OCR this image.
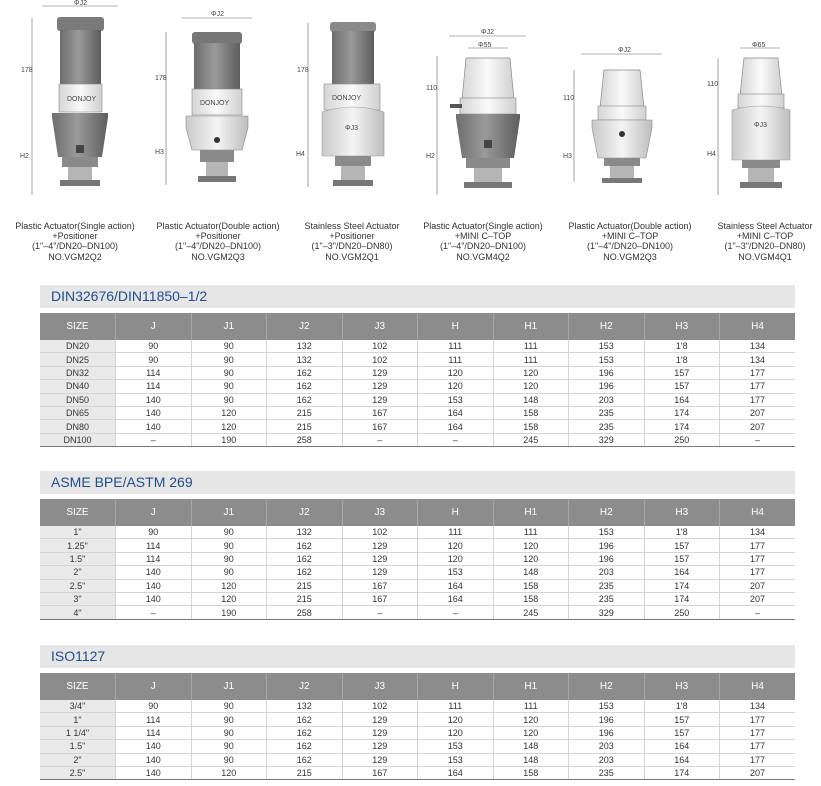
ΦJ2
178
H2
DONJOY
ΦJ2
178
H3
DONJOY
178
H4
DONJOY
ΦJ3
ΦJ2
Φ55
110
H2
ΦJ2
110
H3
Φ65
110
H4
ΦJ3
Plastic Actuator(Single action)
+Positioner
(1"–4"/DN20–DN100)
NO.VGM2Q2
Plastic Actuator(Double action)
+Positioner
(1"–4"/DN20–DN100)
NO.VGM2Q3
Stainless Steel Actuator
+Positioner
(1"–3"/DN20–DN80)
NO.VGM2Q1
Plastic Actuator(Single action)
+MINI C–TOP
(1"–4"/DN20–DN100)
NO.VGM4Q2
Plastic Actuator(Double action)
+MINI C–TOP
(1"–4"/DN20–DN100)
NO.VGM2Q3
Stainless Steel Actuator
+MINI C–TOP
(1"–3"/DN20–DN80)
NO.VGM4Q1
DIN32676/DIN11850–1/2
SIZE	J	J1	J2	J3	H	H1	H2	H3	H4
DN20	90	90	132	102	111	111	153	1'8	134
DN25	90	90	132	102	111	111	153	1'8	134
DN32	114	90	162	129	120	120	196	157	177
DN40	114	90	162	129	120	120	196	157	177
DN50	140	90	162	129	153	148	203	164	177
DN65	140	120	215	167	164	158	235	174	207
DN80	140	120	215	167	164	158	235	174	207
DN100	–	190	258	–	–	245	329	250	–
ASME BPE/ASTM 269
SIZE	J	J1	J2	J3	H	H1	H2	H3	H4
1"	90	90	132	102	111	111	153	1'8	134
1.25"	114	90	162	129	120	120	196	157	177
1.5"	114	90	162	129	120	120	196	157	177
2"	140	90	162	129	153	148	203	164	177
2.5"	140	120	215	167	164	158	235	174	207
3"	140	120	215	167	164	158	235	174	207
4"	–	190	258	–	–	245	329	250	–
ISO1127
SIZE	J	J1	J2	J3	H	H1	H2	H3	H4
3/4"	90	90	132	102	111	111	153	1'8	134
1"	114	90	162	129	120	120	196	157	177
1 1/4"	114	90	162	129	120	120	196	157	177
1.5"	140	90	162	129	153	148	203	164	177
2"	140	90	162	129	153	148	203	164	177
2.5"	140	120	215	167	164	158	235	174	207
